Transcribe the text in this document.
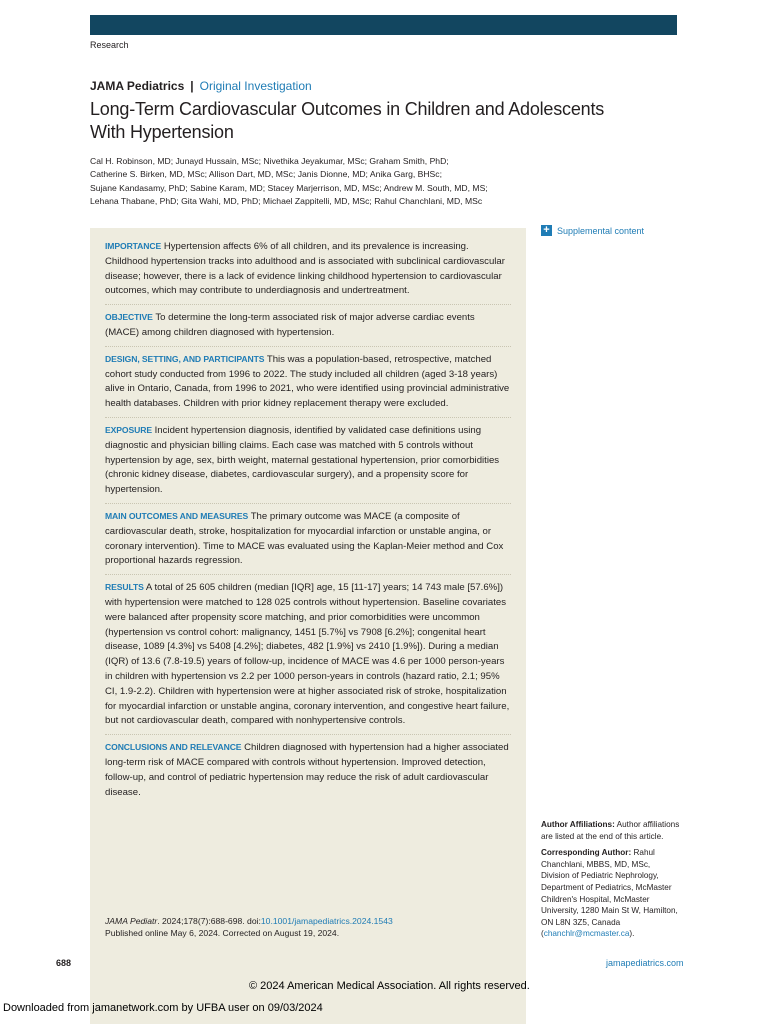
Research
JAMA Pediatrics | Original Investigation
Long-Term Cardiovascular Outcomes in Children and Adolescents
With Hypertension
Cal H. Robinson, MD; Junayd Hussain, MSc; Nivethika Jeyakumar, MSc; Graham Smith, PhD;
Catherine S. Birken, MD, MSc; Allison Dart, MD, MSc; Janis Dionne, MD; Anika Garg, BHSc;
Sujane Kandasamy, PhD; Sabine Karam, MD; Stacey Marjerrison, MD, MSc; Andrew M. South, MD, MS;
Lehana Thabane, PhD; Gita Wahi, MD, PhD; Michael Zappitelli, MD, MSc; Rahul Chanchlani, MD, MSc
+ Supplemental content

IMPORTANCE Hypertension affects 6% of all children, and its prevalence is increasing. Childhood hypertension tracks into adulthood and is associated with subclinical cardiovascular disease; however, there is a lack of evidence linking childhood hypertension to cardiovascular outcomes, which may contribute to underdiagnosis and undertreatment.

OBJECTIVE To determine the long-term associated risk of major adverse cardiac events (MACE) among children diagnosed with hypertension.

DESIGN, SETTING, AND PARTICIPANTS This was a population-based, retrospective, matched cohort study conducted from 1996 to 2022. The study included all children (aged 3-18 years) alive in Ontario, Canada, from 1996 to 2021, who were identified using provincial administrative health databases. Children with prior kidney replacement therapy were excluded.

EXPOSURE Incident hypertension diagnosis, identified by validated case definitions using diagnostic and physician billing claims. Each case was matched with 5 controls without hypertension by age, sex, birth weight, maternal gestational hypertension, prior comorbidities (chronic kidney disease, diabetes, cardiovascular surgery), and a propensity score for hypertension.

MAIN OUTCOMES AND MEASURES The primary outcome was MACE (a composite of cardiovascular death, stroke, hospitalization for myocardial infarction or unstable angina, or coronary intervention). Time to MACE was evaluated using the Kaplan-Meier method and Cox proportional hazards regression.

RESULTS A total of 25 605 children (median [IQR] age, 15 [11-17] years; 14 743 male [57.6%]) with hypertension were matched to 128 025 controls without hypertension. Baseline covariates were balanced after propensity score matching, and prior comorbidities were uncommon (hypertension vs control cohort: malignancy, 1451 [5.7%] vs 7908 [6.2%]; congenital heart disease, 1089 [4.3%] vs 5408 [4.2%]; diabetes, 482 [1.9%] vs 2410 [1.9%]). During a median (IQR) of 13.6 (7.8-19.5) years of follow-up, incidence of MACE was 4.6 per 1000 person-years in children with hypertension vs 2.2 per 1000 person-years in controls (hazard ratio, 2.1; 95% CI, 1.9-2.2). Children with hypertension were at higher associated risk of stroke, hospitalization for myocardial infarction or unstable angina, coronary intervention, and congestive heart failure, but not cardiovascular death, compared with nonhypertensive controls.

CONCLUSIONS AND RELEVANCE Children diagnosed with hypertension had a higher associated long-term risk of MACE compared with controls without hypertension. Improved detection, follow-up, and control of pediatric hypertension may reduce the risk of adult cardiovascular disease.

JAMA Pediatr. 2024;178(7):688-698. doi:10.1001/jamapediatrics.2024.1543
Published online May 6, 2024. Corrected on August 19, 2024.

Author Affiliations: Author affiliations are listed at the end of this article.

Corresponding Author: Rahul Chanchlani, MBBS, MD, MSc, Division of Pediatric Nephrology, Department of Pediatrics, McMaster Children's Hospital, McMaster University, 1280 Main St W, Hamilton, ON L8N 3Z5, Canada (chanchlr@mcmaster.ca).

688	jamapediatrics.com
© 2024 American Medical Association. All rights reserved.
Downloaded from jamanetwork.com by UFBA user on 09/03/2024
